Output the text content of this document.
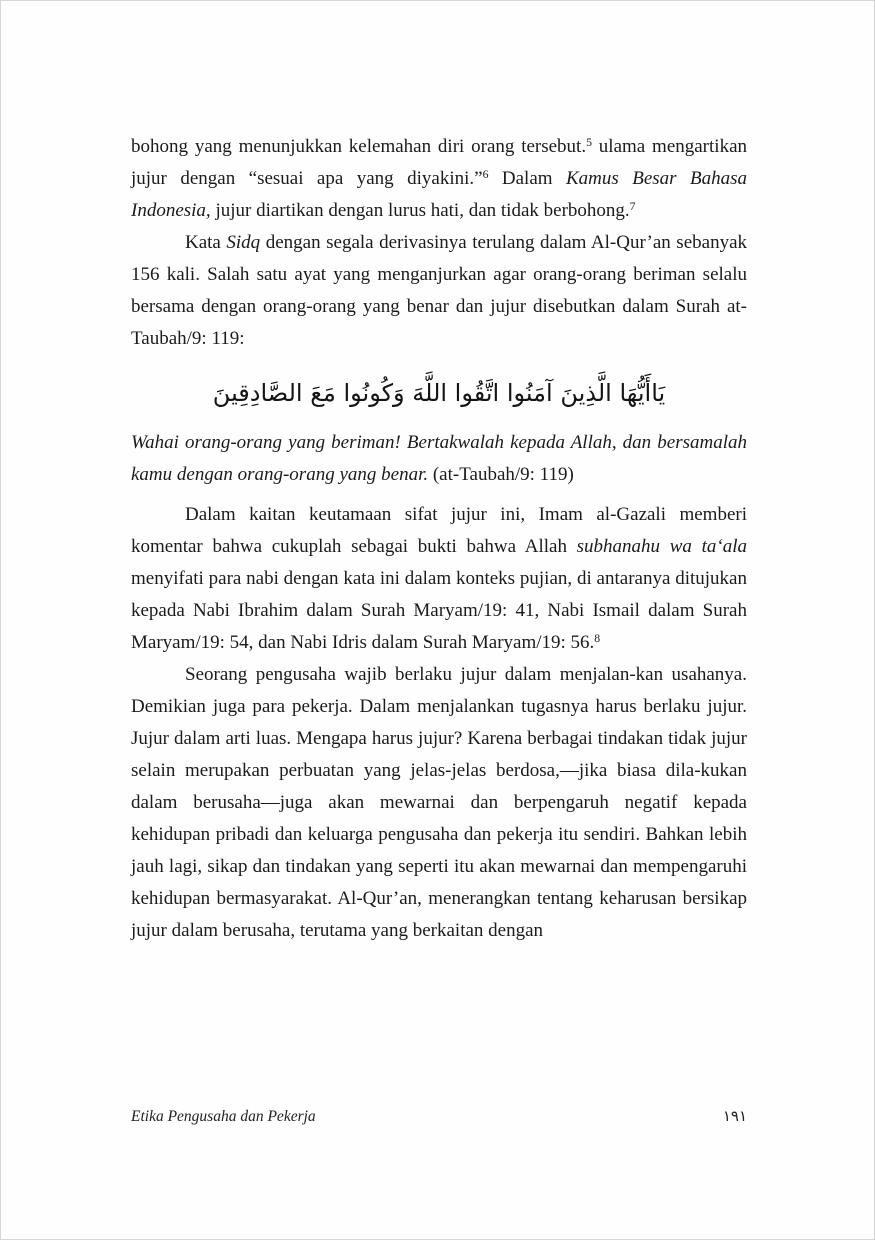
bohong yang menunjukkan kelemahan diri orang tersebut.$^5$ ulama mengartikan jujur dengan “sesuai apa yang diyakini.”$^6$ Dalam Kamus Besar Bahasa Indonesia, jujur diartikan dengan lurus hati, dan tidak berbohong.$^7$

Kata Sidq dengan segala derivasinya terulang dalam Al-Qur’an sebanyak 156 kali. Salah satu ayat yang menganjurkan agar orang-orang beriman selalu bersama dengan orang-orang yang benar dan jujur disebutkan dalam Surah at-Taubah/9: 119:

يَاأَيُّهَا الَّذِينَ آمَنُوا اتَّقُوا اللَّهَ وَكُونُوا مَعَ الصَّادِقِينَ

Wahai orang-orang yang beriman! Bertakwalah kepada Allah, dan bersamalah kamu dengan orang-orang yang benar. (at-Taubah/9: 119)

Dalam kaitan keutamaan sifat jujur ini, Imam al-Gazali memberi komentar bahwa cukuplah sebagai bukti bahwa Allah subhanahu wa ta‘ala menyifati para nabi dengan kata ini dalam konteks pujian, di antaranya ditujukan kepada Nabi Ibrahim dalam Surah Maryam/19: 41, Nabi Ismail dalam Surah Maryam/19: 54, dan Nabi Idris dalam Surah Maryam/19: 56.$^8$

Seorang pengusaha wajib berlaku jujur dalam menjalan-kan usahanya. Demikian juga para pekerja. Dalam menjalankan tugasnya harus berlaku jujur. Jujur dalam arti luas. Mengapa harus jujur? Karena berbagai tindakan tidak jujur selain merupakan perbuatan yang jelas-jelas berdosa,—jika biasa dila-kukan dalam berusaha—juga akan mewarnai dan berpengaruh negatif kepada kehidupan pribadi dan keluarga pengusaha dan pekerja itu sendiri. Bahkan lebih jauh lagi, sikap dan tindakan yang seperti itu akan mewarnai dan mempengaruhi kehidupan bermasyarakat. Al-Qur’an, menerangkan tentang keharusan bersikap jujur dalam berusaha, terutama yang berkaitan dengan

Etika Pengusaha dan Pekerja	١٩١
